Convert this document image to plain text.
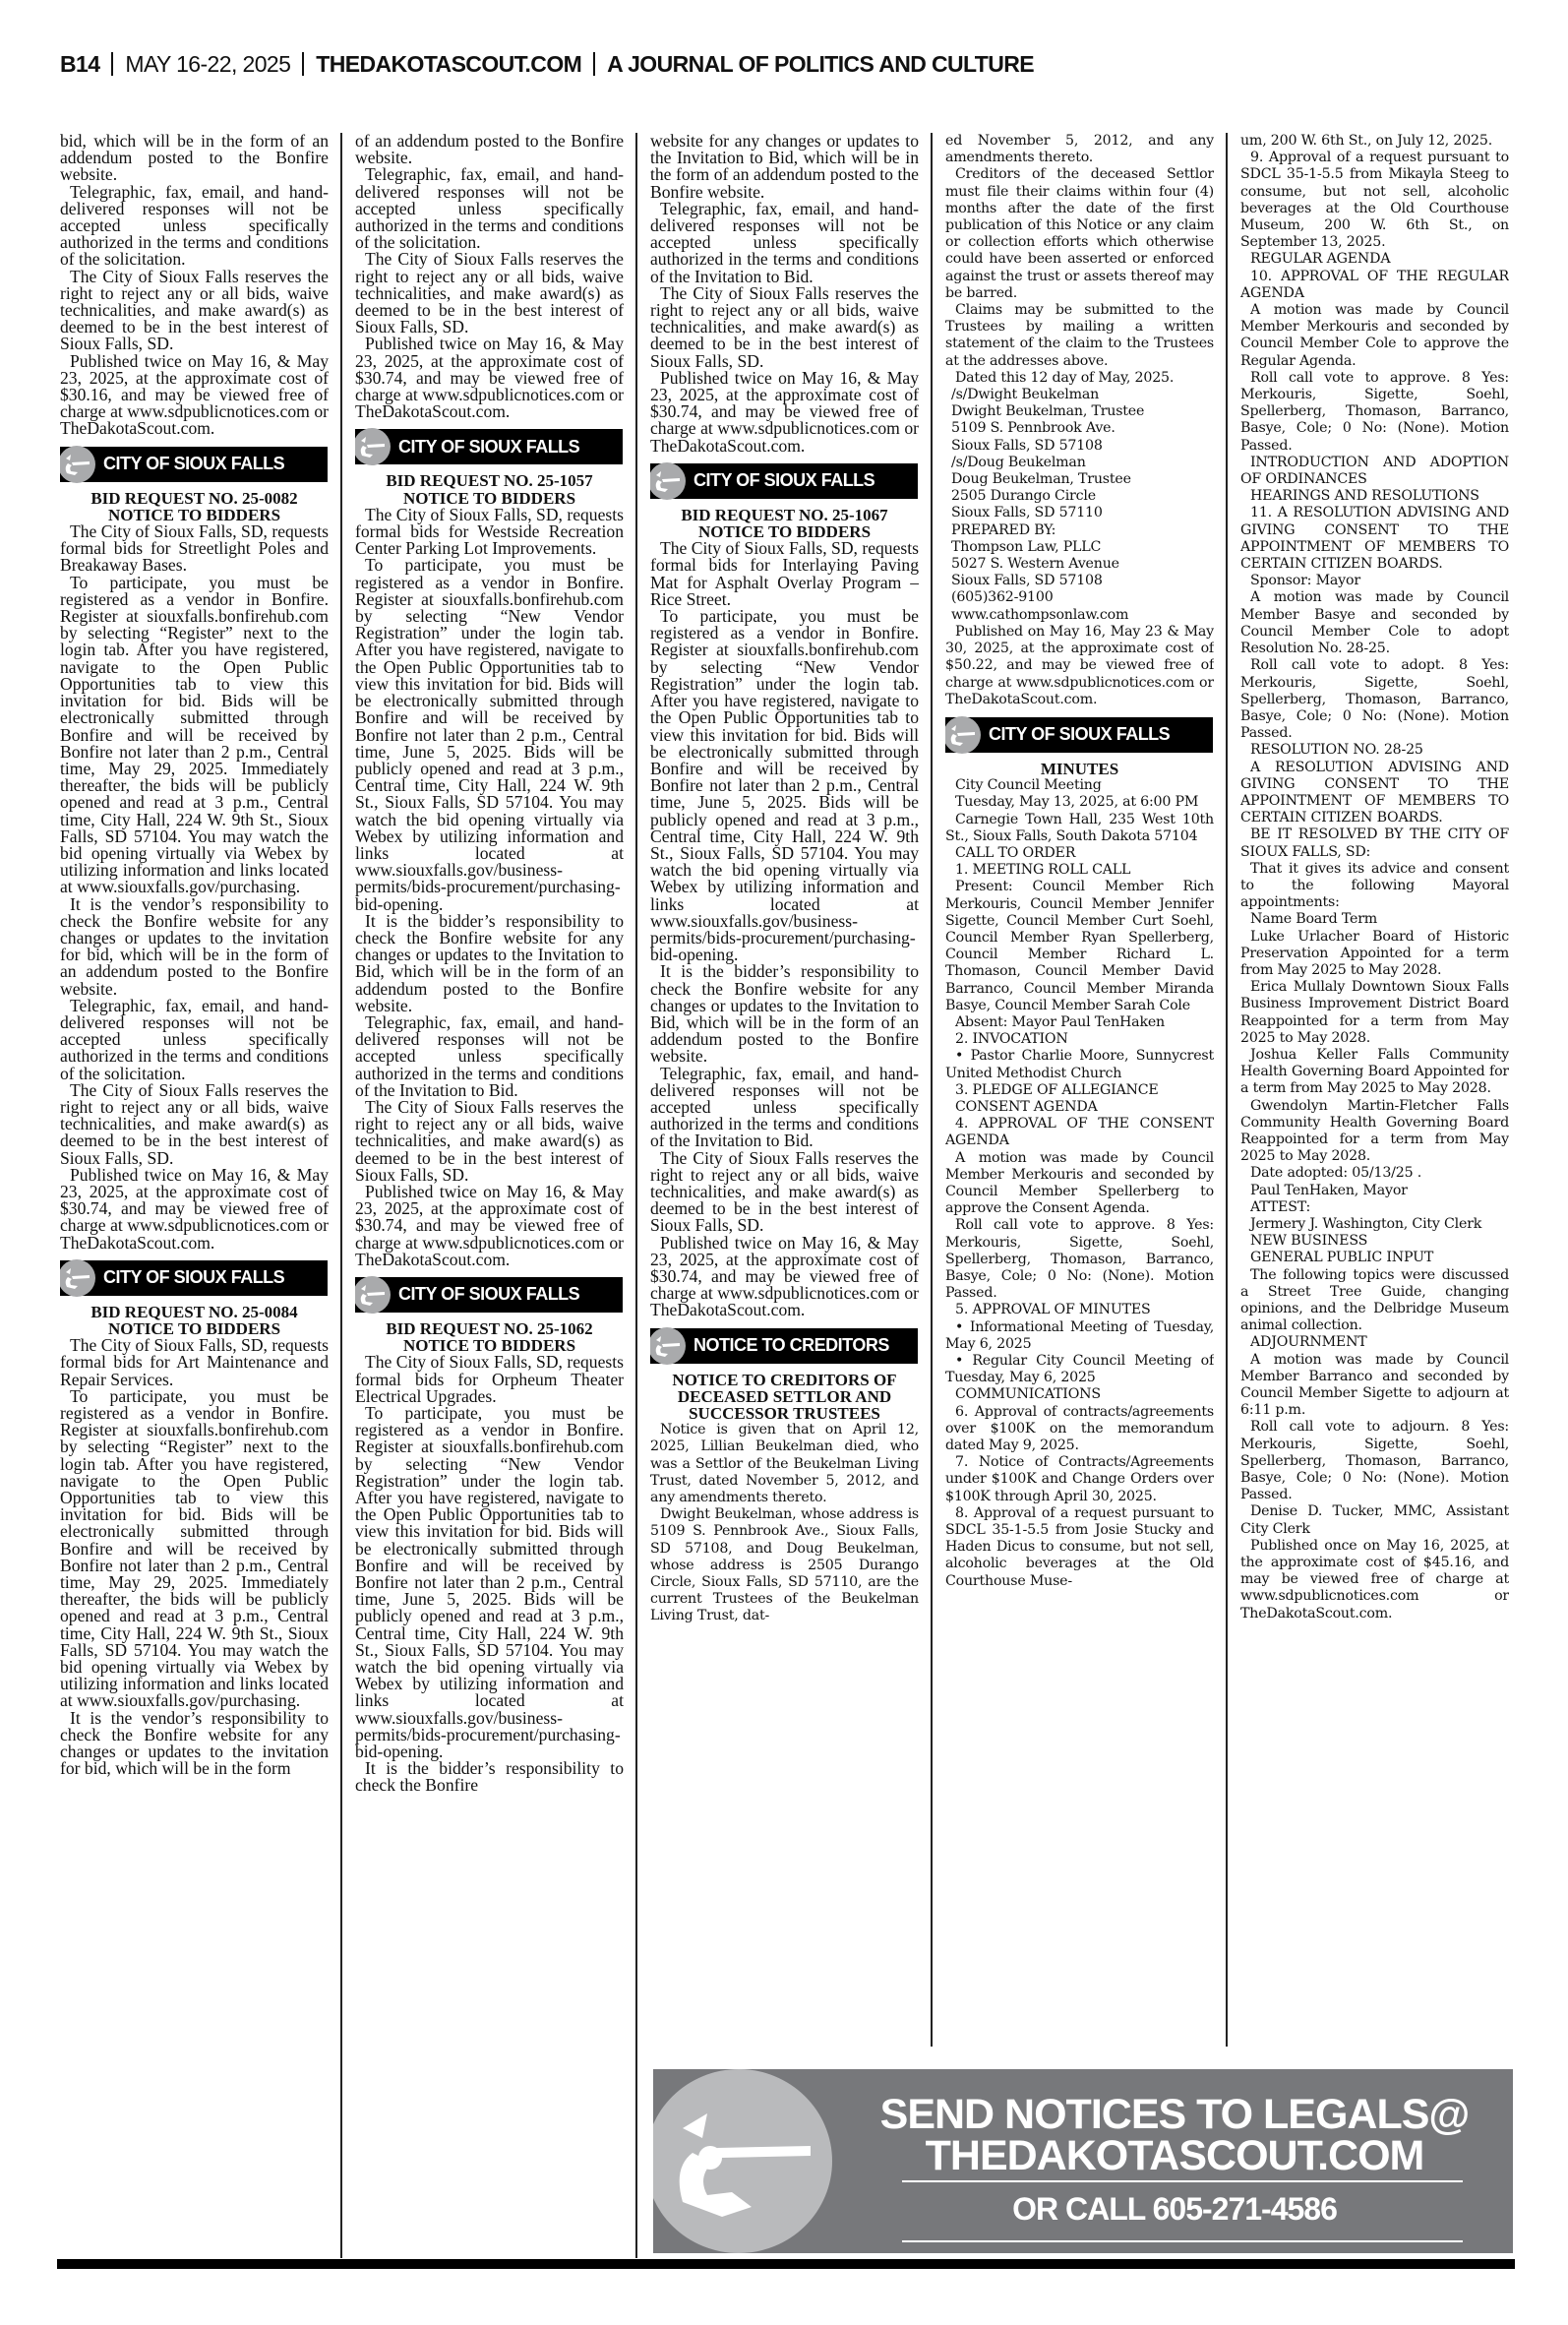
B14 MAY 16-22, 2025 THEDAKOTASCOUT.COM A JOURNAL OF POLITICS AND CULTURE

bid, which will be in the form of an addendum posted to the Bonfire website.

Telegraphic, fax, email, and hand-delivered responses will not be accepted unless specifically authorized in the terms and conditions of the solicitation.

The City of Sioux Falls reserves the right to reject any or all bids, waive technicalities, and make award(s) as deemed to be in the best interest of Sioux Falls, SD.

Published twice on May 16, & May 23, 2025, at the approximate cost of $30.16, and may be viewed free of charge at www.sdpublicnotices.com or TheDakotaScout.com.

CITY OF SIOUX FALLS

BID REQUEST NO. 25-0082

NOTICE TO BIDDERS

The City of Sioux Falls, SD, requests formal bids for Streetlight Poles and Breakaway Bases.

To participate, you must be registered as a vendor in Bonfire. Register at siouxfalls.bonfirehub.com by selecting “Register” next to the login tab. After you have registered, navigate to the Open Public Opportunities tab to view this invitation for bid. Bids will be electronically submitted through Bonfire and will be received by Bonfire not later than 2 p.m., Central time, May 29, 2025. Immediately thereafter, the bids will be publicly opened and read at 3 p.m., Central time, City Hall, 224 W. 9th St., Sioux Falls, SD 57104. You may watch the bid opening virtually via Webex by utilizing information and links located at www.siouxfalls.gov/purchasing.

It is the vendor’s responsibility to check the Bonfire website for any changes or updates to the invitation for bid, which will be in the form of an addendum posted to the Bonfire website.

Telegraphic, fax, email, and hand-delivered responses will not be accepted unless specifically authorized in the terms and conditions of the solicitation.

The City of Sioux Falls reserves the right to reject any or all bids, waive technicalities, and make award(s) as deemed to be in the best interest of Sioux Falls, SD.

Published twice on May 16, & May 23, 2025, at the approximate cost of $30.74, and may be viewed free of charge at www.sdpublicnotices.com or TheDakotaScout.com.

CITY OF SIOUX FALLS

BID REQUEST NO. 25-0084

NOTICE TO BIDDERS

The City of Sioux Falls, SD, requests formal bids for Art Maintenance and Repair Services.

To participate, you must be registered as a vendor in Bonfire. Register at siouxfalls.bonfirehub.com by selecting “Register” next to the login tab. After you have registered, navigate to the Open Public Opportunities tab to view this invitation for bid. Bids will be electronically submitted through Bonfire and will be received by Bonfire not later than 2 p.m., Central time, May 29, 2025. Immediately thereafter, the bids will be publicly opened and read at 3 p.m., Central time, City Hall, 224 W. 9th St., Sioux Falls, SD 57104. You may watch the bid opening virtually via Webex by utilizing information and links located at www.siouxfalls.gov/purchasing.

It is the vendor’s responsibility to check the Bonfire website for any changes or updates to the invitation for bid, which will be in the form

of an addendum posted to the Bonfire website.

Telegraphic, fax, email, and hand-delivered responses will not be accepted unless specifically authorized in the terms and conditions of the solicitation.

The City of Sioux Falls reserves the right to reject any or all bids, waive technicalities, and make award(s) as deemed to be in the best interest of Sioux Falls, SD.

Published twice on May 16, & May 23, 2025, at the approximate cost of $30.74, and may be viewed free of charge at www.sdpublicnotices.com or TheDakotaScout.com.

CITY OF SIOUX FALLS

BID REQUEST NO. 25-1057

NOTICE TO BIDDERS

The City of Sioux Falls, SD, requests formal bids for Westside Recreation Center Parking Lot Improvements.

To participate, you must be registered as a vendor in Bonfire. Register at siouxfalls.bonfirehub.com by selecting “New Vendor Registration” under the login tab. After you have registered, navigate to the Open Public Opportunities tab to view this invitation for bid. Bids will be electronically submitted through Bonfire and will be received by Bonfire not later than 2 p.m., Central time, June 5, 2025. Bids will be publicly opened and read at 3 p.m., Central time, City Hall, 224 W. 9th St., Sioux Falls, SD 57104. You may watch the bid opening virtually via Webex by utilizing information and links located at www.siouxfalls.gov/business-permits/bids-procurement/purchasing-bid-opening.

It is the bidder’s responsibility to check the Bonfire website for any changes or updates to the Invitation to Bid, which will be in the form of an addendum posted to the Bonfire website.

Telegraphic, fax, email, and hand-delivered responses will not be accepted unless specifically authorized in the terms and conditions of the Invitation to Bid.

The City of Sioux Falls reserves the right to reject any or all bids, waive technicalities, and make award(s) as deemed to be in the best interest of Sioux Falls, SD.

Published twice on May 16, & May 23, 2025, at the approximate cost of $30.74, and may be viewed free of charge at www.sdpublicnotices.com or TheDakotaScout.com.

CITY OF SIOUX FALLS

BID REQUEST NO. 25-1062

NOTICE TO BIDDERS

The City of Sioux Falls, SD, requests formal bids for Orpheum Theater Electrical Upgrades.

To participate, you must be registered as a vendor in Bonfire. Register at siouxfalls.bonfirehub.com by selecting “New Vendor Registration” under the login tab. After you have registered, navigate to the Open Public Opportunities tab to view this invitation for bid. Bids will be electronically submitted through Bonfire and will be received by Bonfire not later than 2 p.m., Central time, June 5, 2025. Bids will be publicly opened and read at 3 p.m., Central time, City Hall, 224 W. 9th St., Sioux Falls, SD 57104. You may watch the bid opening virtually via Webex by utilizing information and links located at www.siouxfalls.gov/business-permits/bids-procurement/purchasing-bid-opening.

It is the bidder’s responsibility to check the Bonfire

website for any changes or updates to the Invitation to Bid, which will be in the form of an addendum posted to the Bonfire website.

Telegraphic, fax, email, and hand-delivered responses will not be accepted unless specifically authorized in the terms and conditions of the Invitation to Bid.

The City of Sioux Falls reserves the right to reject any or all bids, waive technicalities, and make award(s) as deemed to be in the best interest of Sioux Falls, SD.

Published twice on May 16, & May 23, 2025, at the approximate cost of $30.74, and may be viewed free of charge at www.sdpublicnotices.com or TheDakotaScout.com.

CITY OF SIOUX FALLS

BID REQUEST NO. 25-1067

NOTICE TO BIDDERS

The City of Sioux Falls, SD, requests formal bids for Interlaying Paving Mat for Asphalt Overlay Program – Rice Street.

To participate, you must be registered as a vendor in Bonfire. Register at siouxfalls.bonfirehub.com by selecting “New Vendor Registration” under the login tab. After you have registered, navigate to the Open Public Opportunities tab to view this invitation for bid. Bids will be electronically submitted through Bonfire and will be received by Bonfire not later than 2 p.m., Central time, June 5, 2025. Bids will be publicly opened and read at 3 p.m., Central time, City Hall, 224 W. 9th St., Sioux Falls, SD 57104. You may watch the bid opening virtually via Webex by utilizing information and links located at www.siouxfalls.gov/business-permits/bids-procurement/purchasing-bid-opening.

It is the bidder’s responsibility to check the Bonfire website for any changes or updates to the Invitation to Bid, which will be in the form of an addendum posted to the Bonfire website.

Telegraphic, fax, email, and hand-delivered responses will not be accepted unless specifically authorized in the terms and conditions of the Invitation to Bid.

The City of Sioux Falls reserves the right to reject any or all bids, waive technicalities, and make award(s) as deemed to be in the best interest of Sioux Falls, SD.

Published twice on May 16, & May 23, 2025, at the approximate cost of $30.74, and may be viewed free of charge at www.sdpublicnotices.com or TheDakotaScout.com.

NOTICE TO CREDITORS

NOTICE TO CREDITORS OF DECEASED SETTLOR AND SUCCESSOR TRUSTEES

Notice is given that on April 12, 2025, Lillian Beukelman died, who was a Settlor of the Beukelman Living Trust, dated November 5, 2012, and any amendments thereto.

Dwight Beukelman, whose address is 5109 S. Pennbrook Ave., Sioux Falls, SD 57108, and Doug Beukelman, whose address is 2505 Durango Circle, Sioux Falls, SD 57110, are the current Trustees of the Beukelman Living Trust, dat-

ed November 5, 2012, and any amendments thereto.

Creditors of the deceased Settlor must file their claims within four (4) months after the date of the first publication of this Notice or any claim or collection efforts which otherwise could have been asserted or enforced against the trust or assets thereof may be barred.

Claims may be submitted to the Trustees by mailing a written statement of the claim to the Trustees at the addresses above.

Dated this 12 day of May, 2025.

/s/Dwight Beukelman

Dwight Beukelman, Trustee

5109 S. Pennbrook Ave.

Sioux Falls, SD 57108

/s/Doug Beukelman

Doug Beukelman, Trustee

2505 Durango Circle

Sioux Falls, SD 57110

PREPARED BY:

Thompson Law, PLLC

5027 S. Western Avenue

Sioux Falls, SD 57108

(605)362-9100

www.cathompsonlaw.com

Published on May 16, May 23 & May 30, 2025, at the approximate cost of $50.22, and may be viewed free of charge at www.sdpublicnotices.com or TheDakotaScout.com.

CITY OF SIOUX FALLS

MINUTES

City Council Meeting

Tuesday, May 13, 2025, at 6:00 PM

Carnegie Town Hall, 235 West 10th St., Sioux Falls, South Dakota 57104

CALL TO ORDER

1. MEETING ROLL CALL

Present: Council Member Rich Merkouris, Council Member Jennifer Sigette, Council Member Curt Soehl, Council Member Ryan Spellerberg, Council Member Richard L. Thomason, Council Member David Barranco, Council Member Miranda Basye, Council Member Sarah Cole

Absent: Mayor Paul TenHaken

2. INVOCATION

• Pastor Charlie Moore, Sunnycrest United Methodist Church

3. PLEDGE OF ALLEGIANCE

CONSENT AGENDA

4. APPROVAL OF THE CONSENT AGENDA

A motion was made by Council Member Merkouris and seconded by Council Member Spellerberg to approve the Consent Agenda.

Roll call vote to approve. 8 Yes: Merkouris, Sigette, Soehl, Spellerberg, Thomason, Barranco, Basye, Cole; 0 No: (None). Motion Passed.

5. APPROVAL OF MINUTES

• Informational Meeting of Tuesday, May 6, 2025

• Regular City Council Meeting of Tuesday, May 6, 2025

COMMUNICATIONS

6. Approval of contracts/agreements over $100K on the memorandum dated May 9, 2025.

7. Notice of Contracts/Agreements under $100K and Change Orders over $100K through April 30, 2025.

8. Approval of a request pursuant to SDCL 35-1-5.5 from Josie Stucky and Haden Dicus to consume, but not sell, alcoholic beverages at the Old Courthouse Muse-

um, 200 W. 6th St., on July 12, 2025.

9. Approval of a request pursuant to SDCL 35-1-5.5 from Mikayla Steeg to consume, but not sell, alcoholic beverages at the Old Courthouse Museum, 200 W. 6th St., on September 13, 2025.

REGULAR AGENDA

10. APPROVAL OF THE REGULAR AGENDA

A motion was made by Council Member Merkouris and seconded by Council Member Cole to approve the Regular Agenda.

Roll call vote to approve. 8 Yes: Merkouris, Sigette, Soehl, Spellerberg, Thomason, Barranco, Basye, Cole; 0 No: (None). Motion Passed.

INTRODUCTION AND ADOPTION OF ORDINANCES

HEARINGS AND RESOLUTIONS

11. A RESOLUTION ADVISING AND GIVING CONSENT TO THE APPOINTMENT OF MEMBERS TO CERTAIN CITIZEN BOARDS.

Sponsor: Mayor

A motion was made by Council Member Basye and seconded by Council Member Cole to adopt Resolution No. 28-25.

Roll call vote to adopt. 8 Yes: Merkouris, Sigette, Soehl, Spellerberg, Thomason, Barranco, Basye, Cole; 0 No: (None). Motion Passed.

RESOLUTION NO. 28-25

A RESOLUTION ADVISING AND GIVING CONSENT TO THE APPOINTMENT OF MEMBERS TO CERTAIN CITIZEN BOARDS.

BE IT RESOLVED BY THE CITY OF SIOUX FALLS, SD:

That it gives its advice and consent to the following Mayoral appointments:

Name Board Term

Luke Urlacher Board of Historic Preservation Appointed for a term from May 2025 to May 2028.

Erica Mullaly Downtown Sioux Falls Business Improvement District Board Reappointed for a term from May 2025 to May 2028.

Joshua Keller Falls Community Health Governing Board Appointed for a term from May 2025 to May 2028.

Gwendolyn Martin-Fletcher Falls Community Health Governing Board Reappointed for a term from May 2025 to May 2028.

Date adopted: 05/13/25 .

Paul TenHaken, Mayor

ATTEST:

Jermery J. Washington, City Clerk

NEW BUSINESS

GENERAL PUBLIC INPUT

The following topics were discussed a Street Tree Guide, changing opinions, and the Delbridge Museum animal collection.

ADJOURNMENT

A motion was made by Council Member Barranco and seconded by Council Member Sigette to adjourn at 6:11 p.m.

Roll call vote to adjourn. 8 Yes: Merkouris, Sigette, Soehl, Spellerberg, Thomason, Barranco, Basye, Cole; 0 No: (None). Motion Passed.

Denise D. Tucker, MMC, Assistant City Clerk

Published once on May 16, 2025, at the approximate cost of $45.16, and may be viewed free of charge at www.sdpublicnotices.com or TheDakotaScout.com.

SEND NOTICES TO LEGALS@
THEDAKOTASCOUT.COM
OR CALL 605-271-4586
